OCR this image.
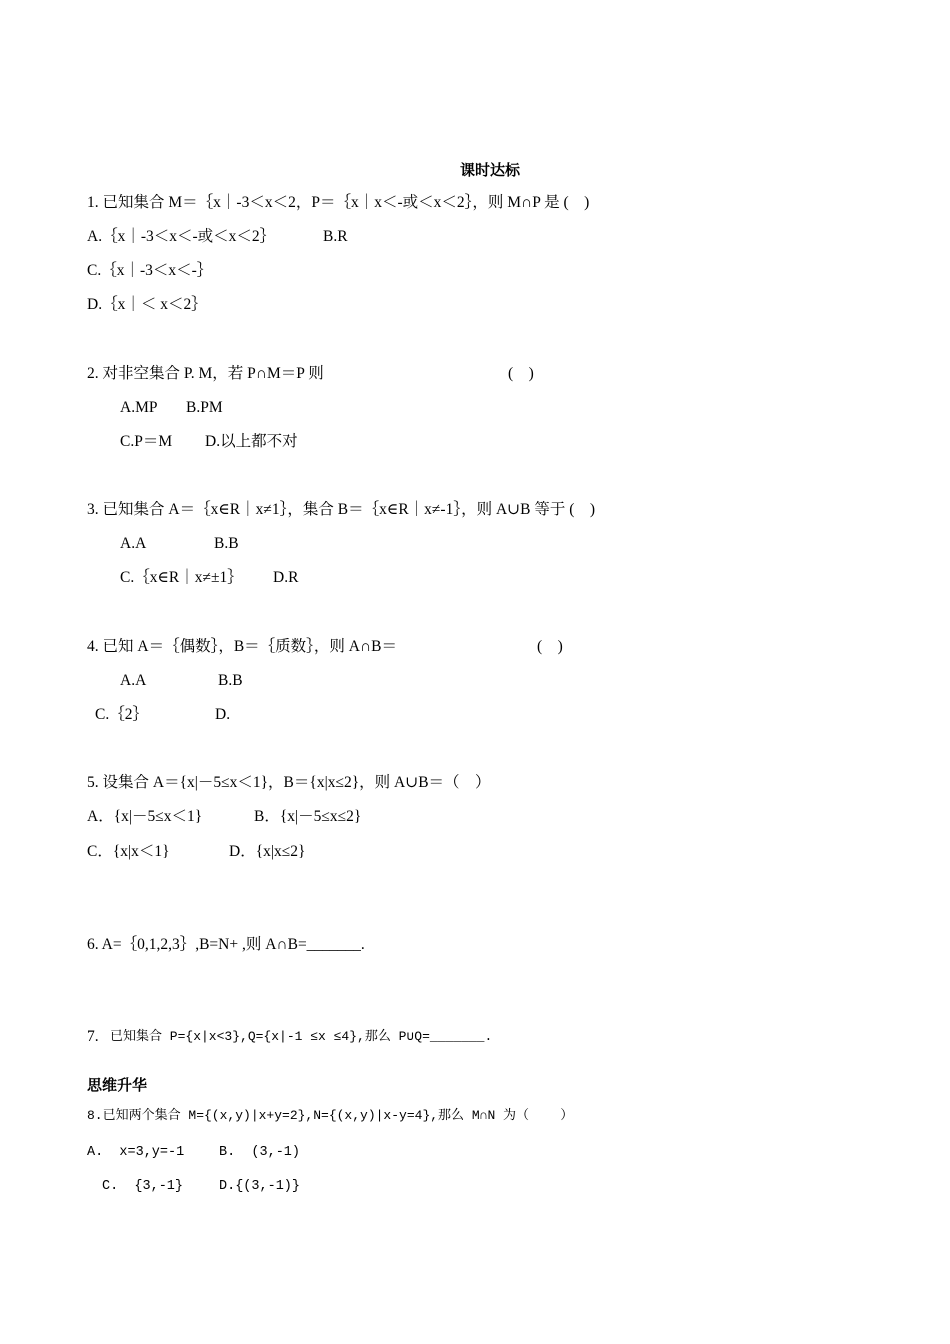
课时达标
1. 已知集合 M＝｛x｜-3＜x＜2，P＝｛x｜x＜-或＜x＜2｝，则 M∩P 是 (    )
A.｛x｜-3＜x＜-或＜x＜2｝	B.R
C.｛x｜-3＜x＜-｝
D.｛x｜＜ x＜2｝
2. 对非空集合 P. M，若 P∩M＝P 则	(    )
A.MP B.PM
C.P＝M D.以上都不对
3. 已知集合 A＝｛x∈R｜x≠1｝，集合 B＝｛x∈R｜x≠-1｝，则 A∪B 等于 (    )
A.A	B.B
C.｛x∈R｜x≠±1｝ D.R
4. 已知 A＝｛偶数｝，B＝｛质数｝，则 A∩B＝	(    )
A.A	B.B
C.｛2｝	D.
5. 设集合 A＝{x|－5≤x＜1}，B＝{x|x≤2}，则 A∪B＝（    ）
A．{x|－5≤x＜1}	B．{x|－5≤x≤2}
C．{x|x＜1}	D．{x|x≤2}
6. A=｛0,1,2,3｝,B=N+ ,则 A∩B=_______.
7. 已知集合 P={x|x<3},Q={x|-1 ≤x ≤4},那么 P∪Q=_______.
思维升华
8.已知两个集合 M={(x,y)|x+y=2},N={(x,y)|x-y=4},那么 M∩N 为（    ）
A.  x=3,y=-1	B.  (3,-1)
C.  {3,-1}	D.{(3,-1)}
